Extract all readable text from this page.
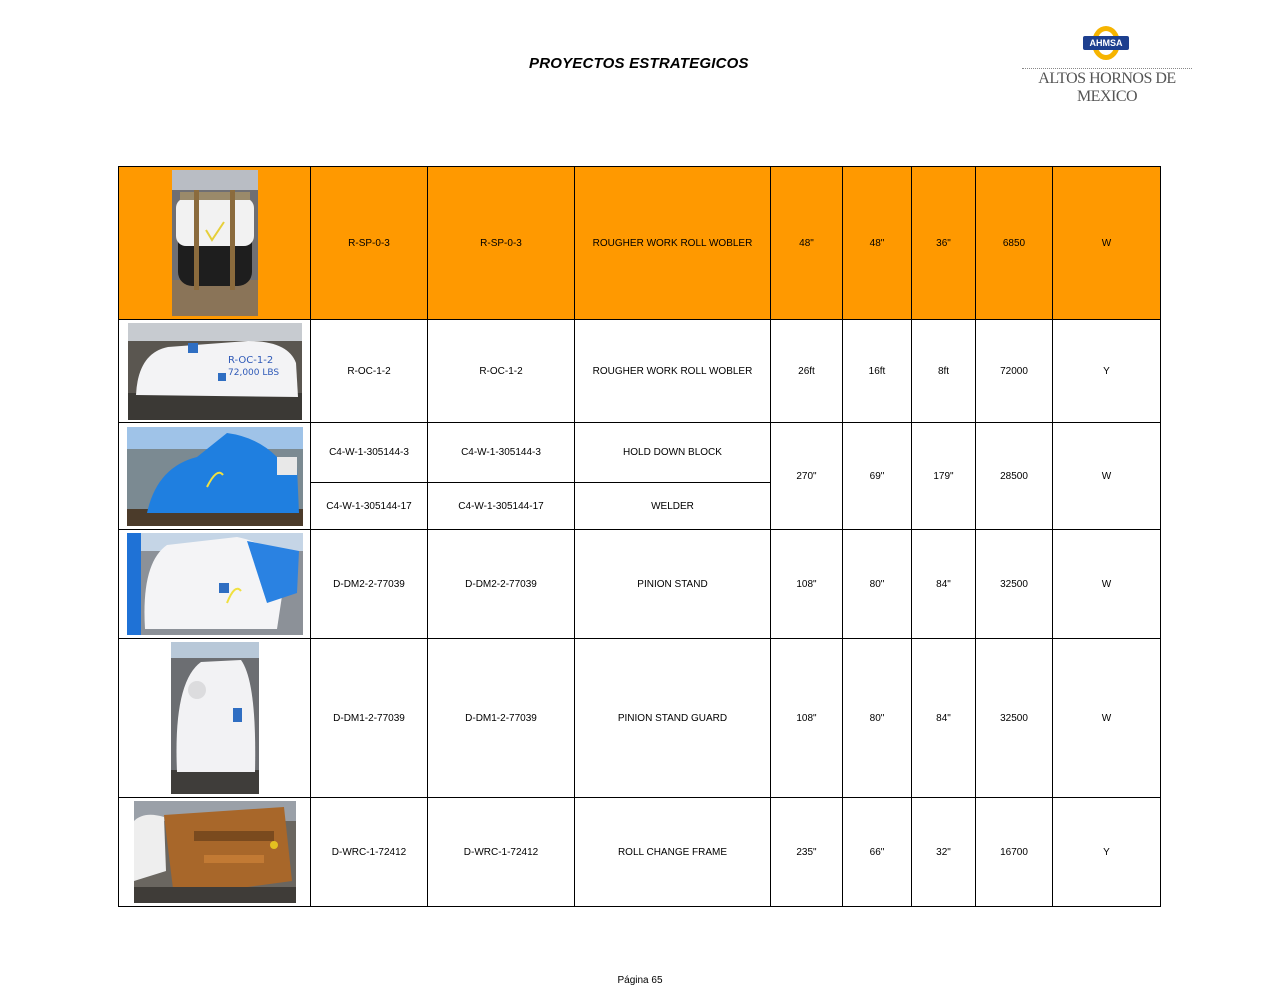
PROYECTOS ESTRATEGICOS
AHMSA
ALTOS HORNOS DE MEXICO
	R-SP-0-3	R-SP-0-3	ROUGHER WORK ROLL WOBLER	48"	48"	36"	6850	W

R-OC-1-2
72,000 LBS	R-OC-1-2	R-OC-1-2	ROUGHER WORK ROLL WOBLER	26ft	16ft	8ft	72000	Y

	C4-W-1-305144-3	C4-W-1-305144-3	HOLD DOWN BLOCK	270"	69"	179"	28500	W
	C4-W-1-305144-17	C4-W-1-305144-17	WELDER					

	D-DM2-2-77039	D-DM2-2-77039	PINION STAND	108"	80"	84"	32500	W

	D-DM1-2-77039	D-DM1-2-77039	PINION STAND GUARD	108"	80"	84"	32500	W

	D-WRC-1-72412	D-WRC-1-72412	ROLL CHANGE FRAME	235"	66"	32"	16700	Y
Página 65
